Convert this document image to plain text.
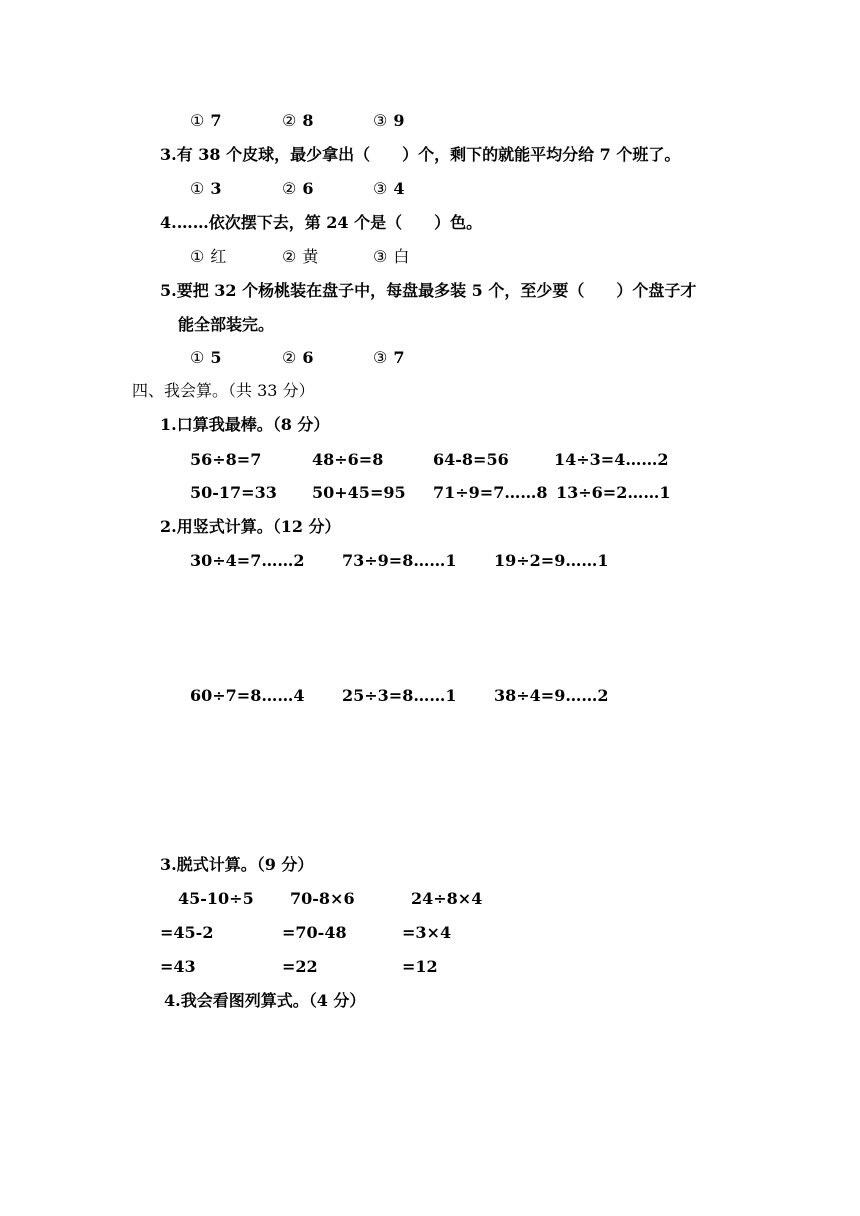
① 7	② 8	③ 9
3.有 38 个皮球，最少拿出（　　）个，剩下的就能平均分给 7 个班了。
① 3	② 6	③ 4
4.……依次摆下去，第 24 个是（　　）色。
① 红	② 黄	③ 白
5.要把 32 个杨桃装在盘子中，每盘最多装 5 个，至少要（　　）个盘子才
能全部装完。
① 5	② 6	③ 7
四、我会算。（共 33 分）
1.口算我最棒。（8 分）
56÷8=7	48÷6=8	64-8=56	14÷3=4……2
50-17=33 50+45=95 71÷9=7……8 13÷6=2……1
2.用竖式计算。（12 分）
30÷4=7……2 73÷9=8……1 19÷2=9……1
60÷7=8……4 25÷3=8……1 38÷4=9……2
3.脱式计算。（9 分）
45-10÷5 70-8×6	24÷8×4
=45-2	=70-48	=3×4
=43	=22	=12
4.我会看图列算式。（4 分）
